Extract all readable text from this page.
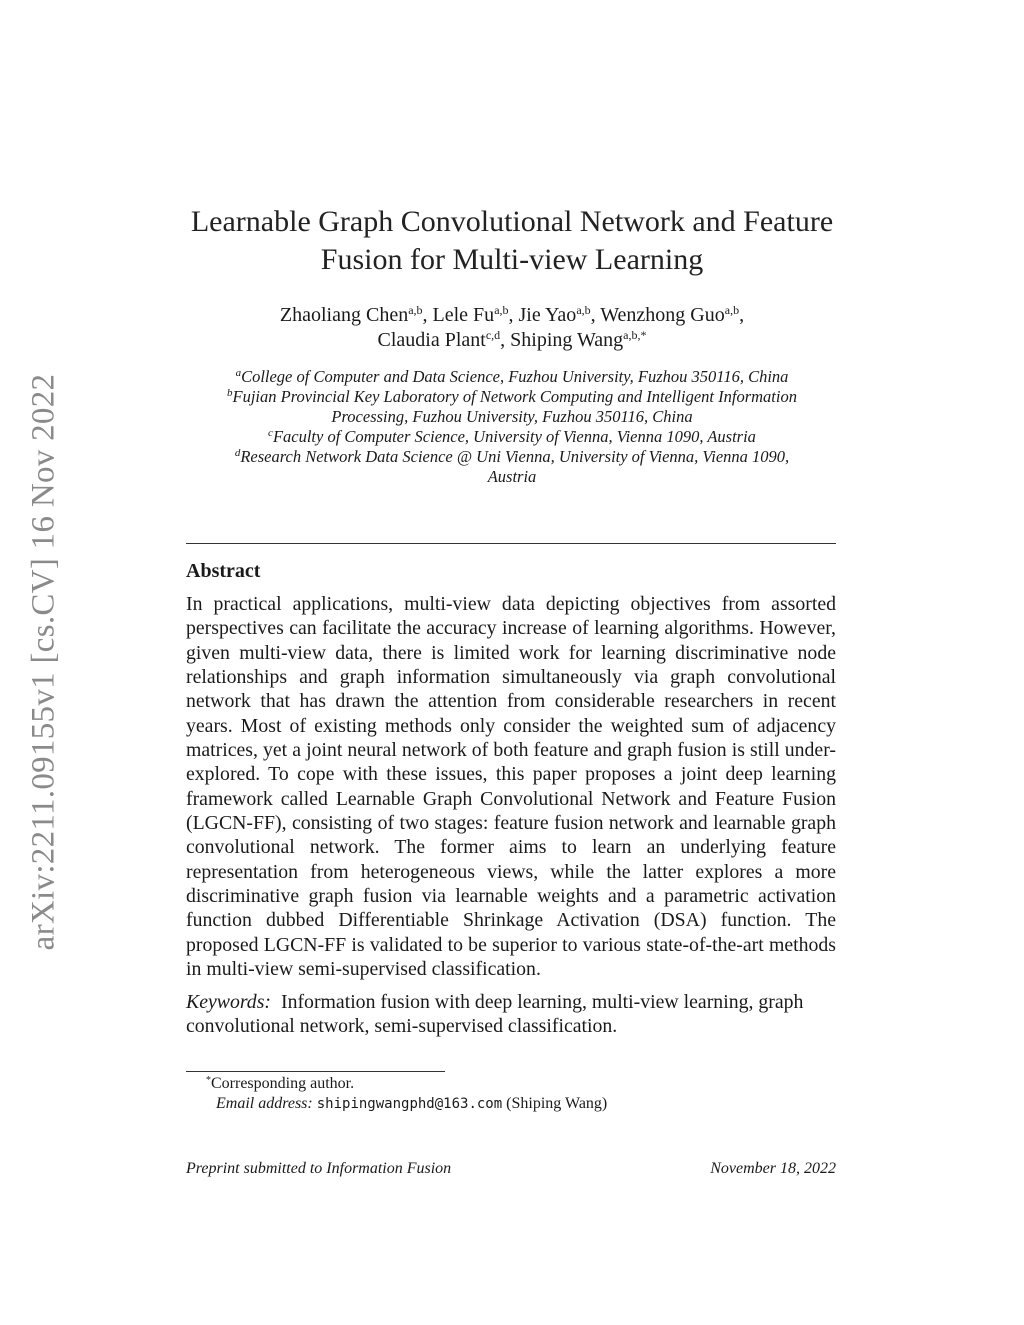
arXiv:2211.09155v1 [cs.CV] 16 Nov 2022
Learnable Graph Convolutional Network and Feature
Fusion for Multi-view Learning
Zhaoliang Chen$^{a,b}$, Lele Fu$^{a,b}$, Jie Yao$^{a,b}$, Wenzhong Guo$^{a,b}$,
Claudia Plant$^{c,d}$, Shiping Wang$^{a,b,*}$
$^a$College of Computer and Data Science, Fuzhou University, Fuzhou 350116, China
$^b$Fujian Provincial Key Laboratory of Network Computing and Intelligent Information
Processing, Fuzhou University, Fuzhou 350116, China
$^c$Faculty of Computer Science, University of Vienna, Vienna 1090, Austria
$^d$Research Network Data Science @ Uni Vienna, University of Vienna, Vienna 1090,
Austria
Abstract
In practical applications, multi-view data depicting objectives from assorted perspectives can facilitate the accuracy increase of learning algorithms. However, given multi-view data, there is limited work for learning discriminative node relationships and graph information simultaneously via graph convolutional network that has drawn the attention from considerable researchers in recent years. Most of existing methods only consider the weighted sum of adjacency matrices, yet a joint neural network of both feature and graph fusion is still under-explored. To cope with these issues, this paper proposes a joint deep learning framework called Learnable Graph Convolutional Network and Feature Fusion (LGCN-FF), consisting of two stages: feature fusion network and learnable graph convolutional network. The former aims to learn an underlying feature representation from heterogeneous views, while the latter explores a more discriminative graph fusion via learnable weights and a parametric activation function dubbed Differentiable Shrinkage Activation (DSA) function. The proposed LGCN-FF is validated to be superior to various state-of-the-art methods in multi-view semi-supervised classification.
Keywords: Information fusion with deep learning, multi-view learning, graph convolutional network, semi-supervised classification.
*Corresponding author.
Email address: shipingwangphd@163.com (Shiping Wang)
Preprint submitted to Information Fusion	November 18, 2022
